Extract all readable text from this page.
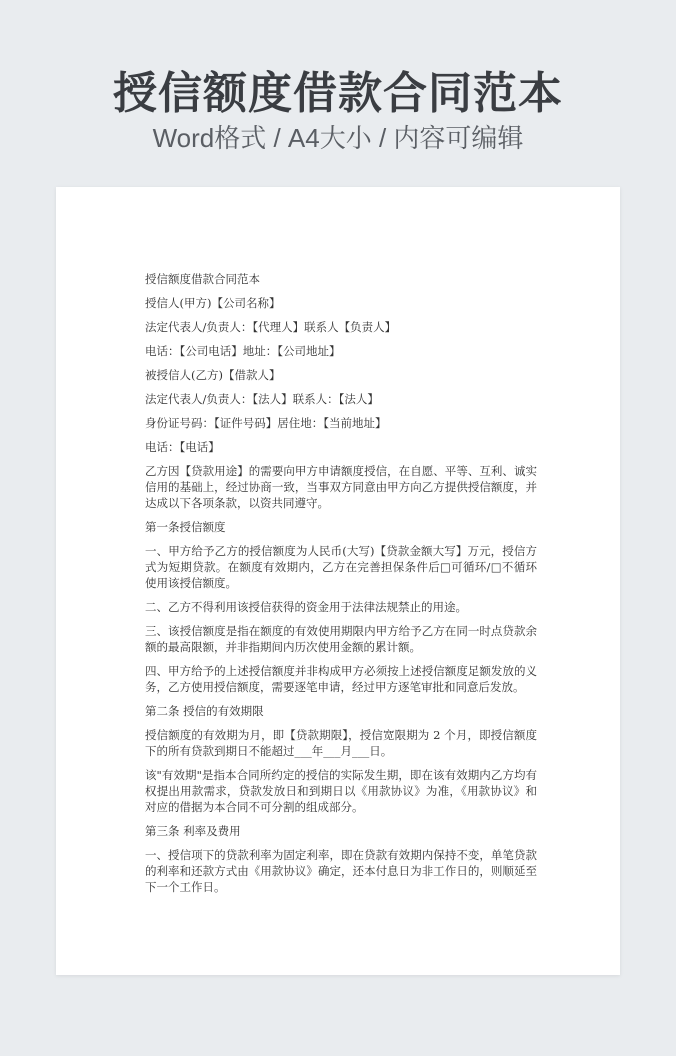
授信额度借款合同范本
Word格式 / A4大小 / 内容可编辑

授信额度借款合同范本

授信人(甲方)【公司名称】

法定代表人/负责人：【代理人】联系人【负责人】

电话：【公司电话】地址：【公司地址】

被授信人(乙方)【借款人】

法定代表人/负责人：【法人】联系人：【法人】

身份证号码：【证件号码】居住地：【当前地址】

电话：【电话】

乙方因【贷款用途】的需要向甲方申请额度授信，在自愿、平等、互利、诚实信用的基础上，经过协商一致，当事双方同意由甲方向乙方提供授信额度，并达成以下各项条款，以资共同遵守。

第一条授信额度

一、甲方给予乙方的授信额度为人民币(大写)【贷款金额大写】万元，授信方式为短期贷款。在额度有效期内，乙方在完善担保条件后□可循环/□不循环使用该授信额度。

二、乙方不得利用该授信获得的资金用于法律法规禁止的用途。

三、该授信额度是指在额度的有效使用期限内甲方给予乙方在同一时点贷款余额的最高限额，并非指期间内历次使用金额的累计额。

四、甲方给予的上述授信额度并非构成甲方必须按上述授信额度足额发放的义务，乙方使用授信额度，需要逐笔申请，经过甲方逐笔审批和同意后发放。

第二条 授信的有效期限

授信额度的有效期为月，即【贷款期限】，授信宽限期为 2 个月，即授信额度下的所有贷款到期日不能超过___年___月___日。

该"有效期"是指本合同所约定的授信的实际发生期，即在该有效期内乙方均有权提出用款需求，贷款发放日和到期日以《用款协议》为准，《用款协议》和对应的借据为本合同不可分割的组成部分。

第三条 利率及费用

一、授信项下的贷款利率为固定利率，即在贷款有效期内保持不变，单笔贷款的利率和还款方式由《用款协议》确定，还本付息日为非工作日的，则顺延至下一个工作日。
